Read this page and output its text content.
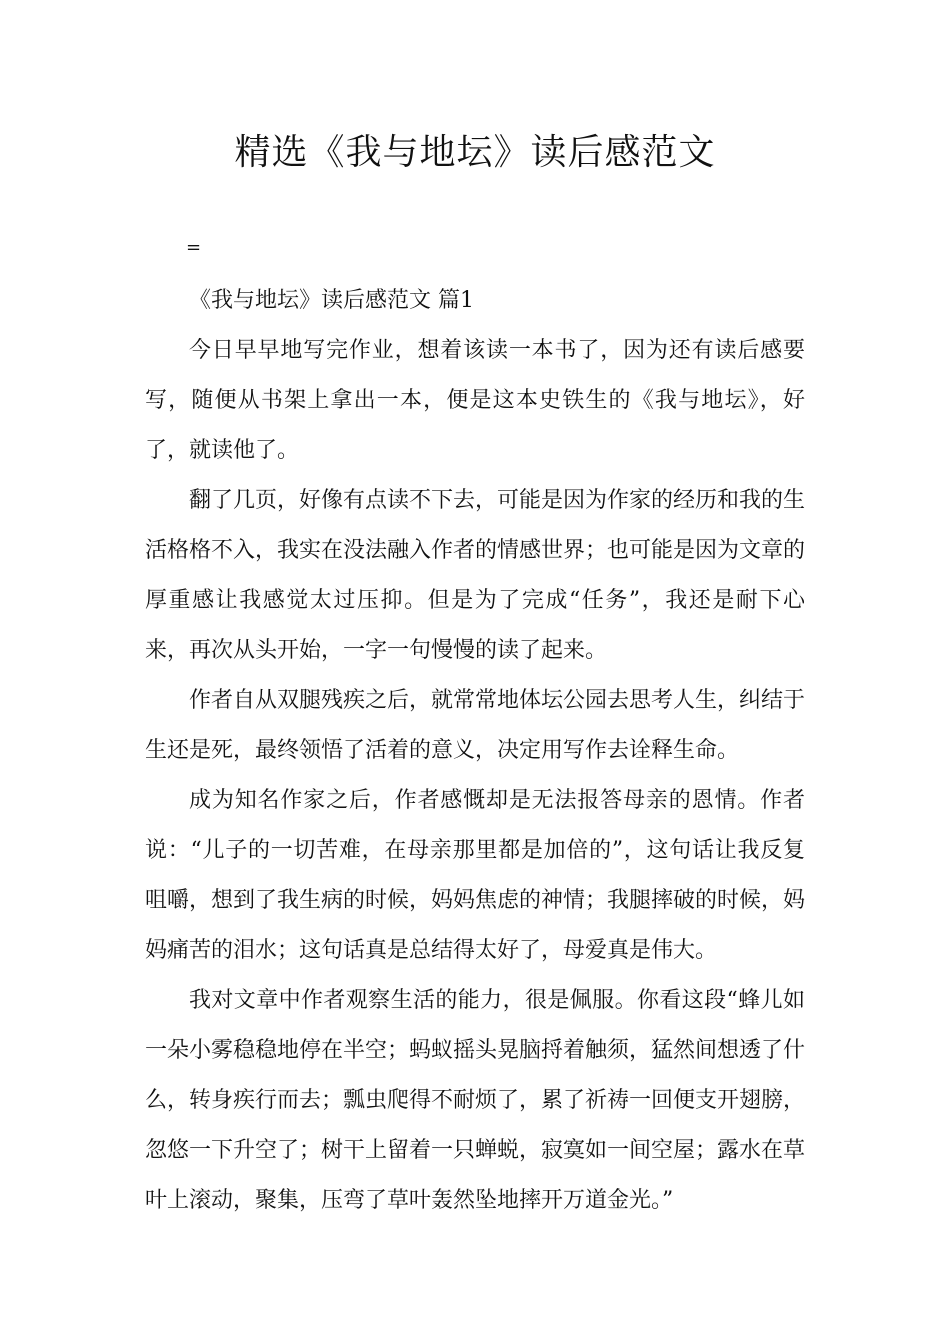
精选《我与地坛》读后感范文
=

《我与地坛》读后感范文 篇1

今日早早地写完作业，想着该读一本书了，因为还有读后感要写，随便从书架上拿出一本，便是这本史铁生的《我与地坛》，好了，就读他了。

翻了几页，好像有点读不下去，可能是因为作家的经历和我的生活格格不入，我实在没法融入作者的情感世界；也可能是因为文章的厚重感让我感觉太过压抑。但是为了完成“任务”，我还是耐下心来，再次从头开始，一字一句慢慢的读了起来。

作者自从双腿残疾之后，就常常地体坛公园去思考人生，纠结于生还是死，最终领悟了活着的意义，决定用写作去诠释生命。

成为知名作家之后，作者感慨却是无法报答母亲的恩情。作者说：“儿子的一切苦难，在母亲那里都是加倍的”，这句话让我反复咀嚼，想到了我生病的时候，妈妈焦虑的神情；我腿摔破的时候，妈妈痛苦的泪水；这句话真是总结得太好了，母爱真是伟大。

我对文章中作者观察生活的能力，很是佩服。你看这段“蜂儿如一朵小雾稳稳地停在半空；蚂蚁摇头晃脑捋着触须，猛然间想透了什么，转身疾行而去；瓢虫爬得不耐烦了，累了祈祷一回便支开翅膀，忽悠一下升空了；树干上留着一只蝉蜕，寂寞如一间空屋；露水在草叶上滚动，聚集，压弯了草叶轰然坠地摔开万道金光。”
